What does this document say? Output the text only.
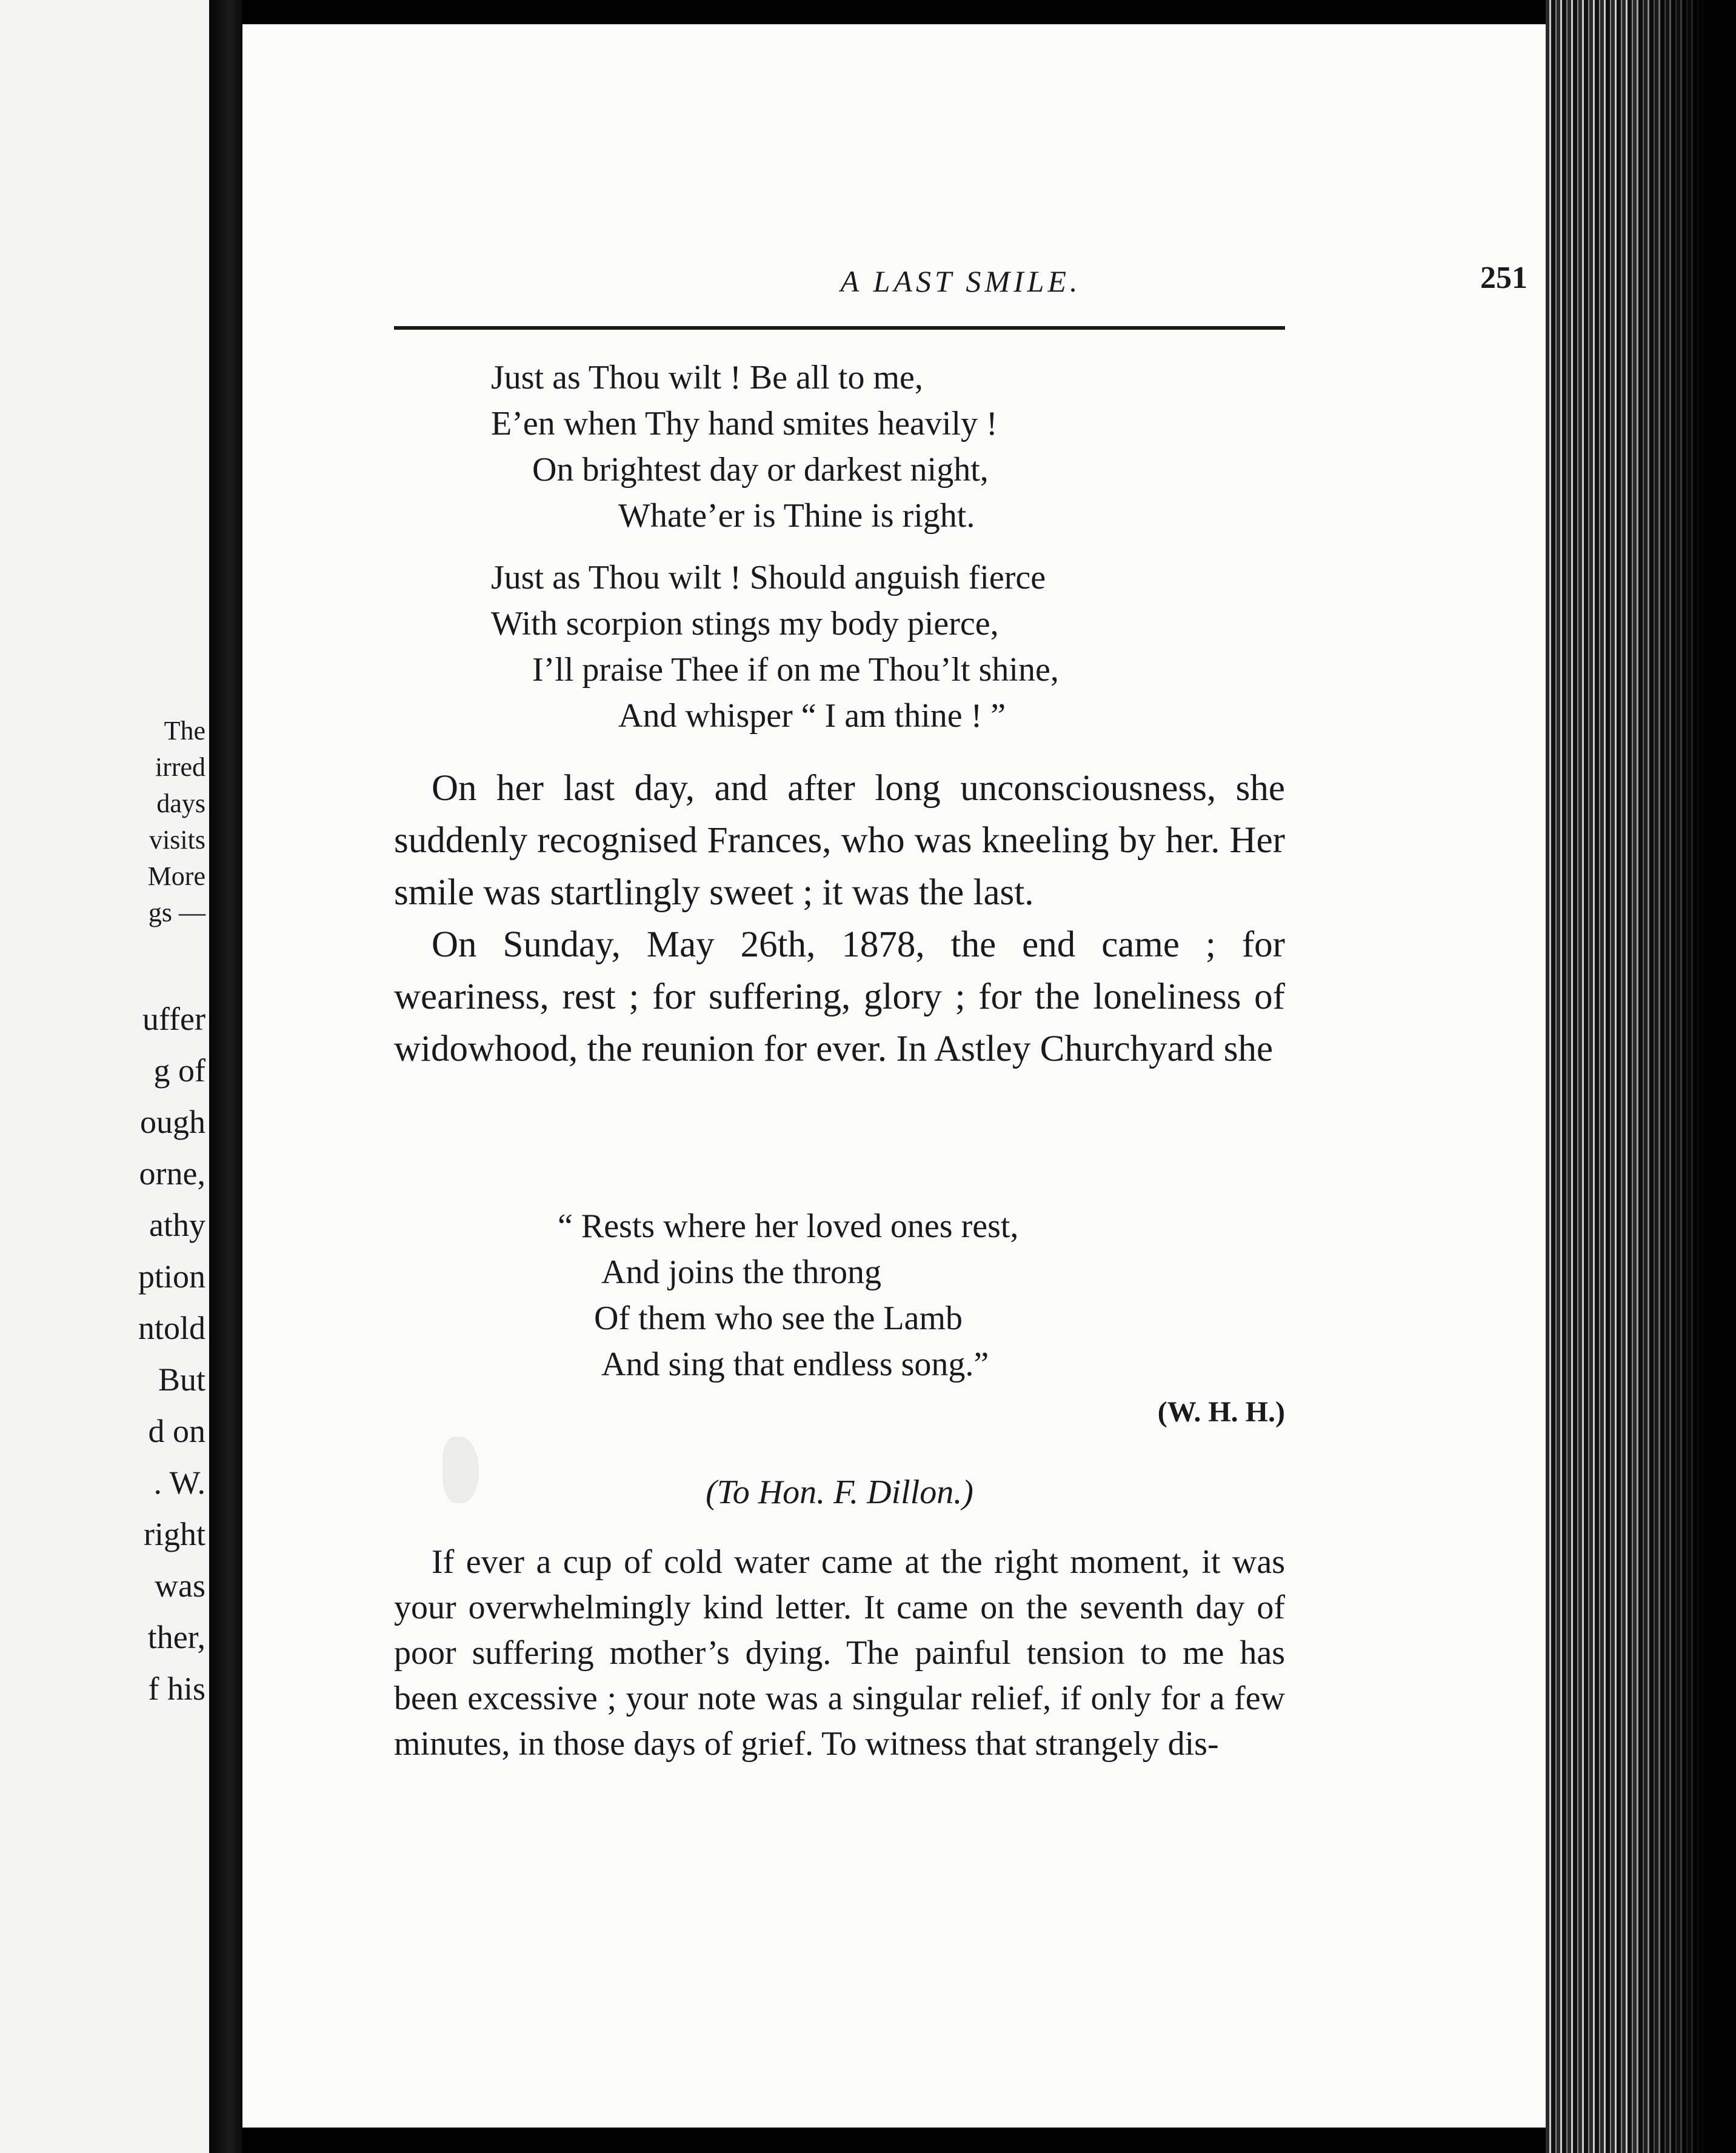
The
irred
days
visits
More
gs —
uffer
g of
ough
orne,
athy
ption
ntold
But
d on
. W.
right
was
ther,
f his
A LAST SMILE.	251
Just as Thou wilt ! Be all to me,
E’en when Thy hand smites heavily !
On brightest day or darkest night,
Whate’er is Thine is right.
Just as Thou wilt ! Should anguish fierce
With scorpion stings my body pierce,
I’ll praise Thee if on me Thou’lt shine,
And whisper “ I am thine ! ”

On her last day, and after long unconsciousness, she suddenly recognised Frances, who was kneeling by her. Her smile was startlingly sweet ; it was the last.

On Sunday, May 26th, 1878, the end came ; for weariness, rest ; for suffering, glory ; for the loneliness of widowhood, the reunion for ever. In Astley Churchyard she

“ Rests where her loved ones rest,
And joins the throng
Of them who see the Lamb
And sing that endless song.”
(W. H. H.)
(To Hon. F. Dillon.)

If ever a cup of cold water came at the right moment, it was your overwhelmingly kind letter. It came on the seventh day of poor suffering mother’s dying. The painful tension to me has been excessive ; your note was a singular relief, if only for a few minutes, in those days of grief. To witness that strangely dis-
